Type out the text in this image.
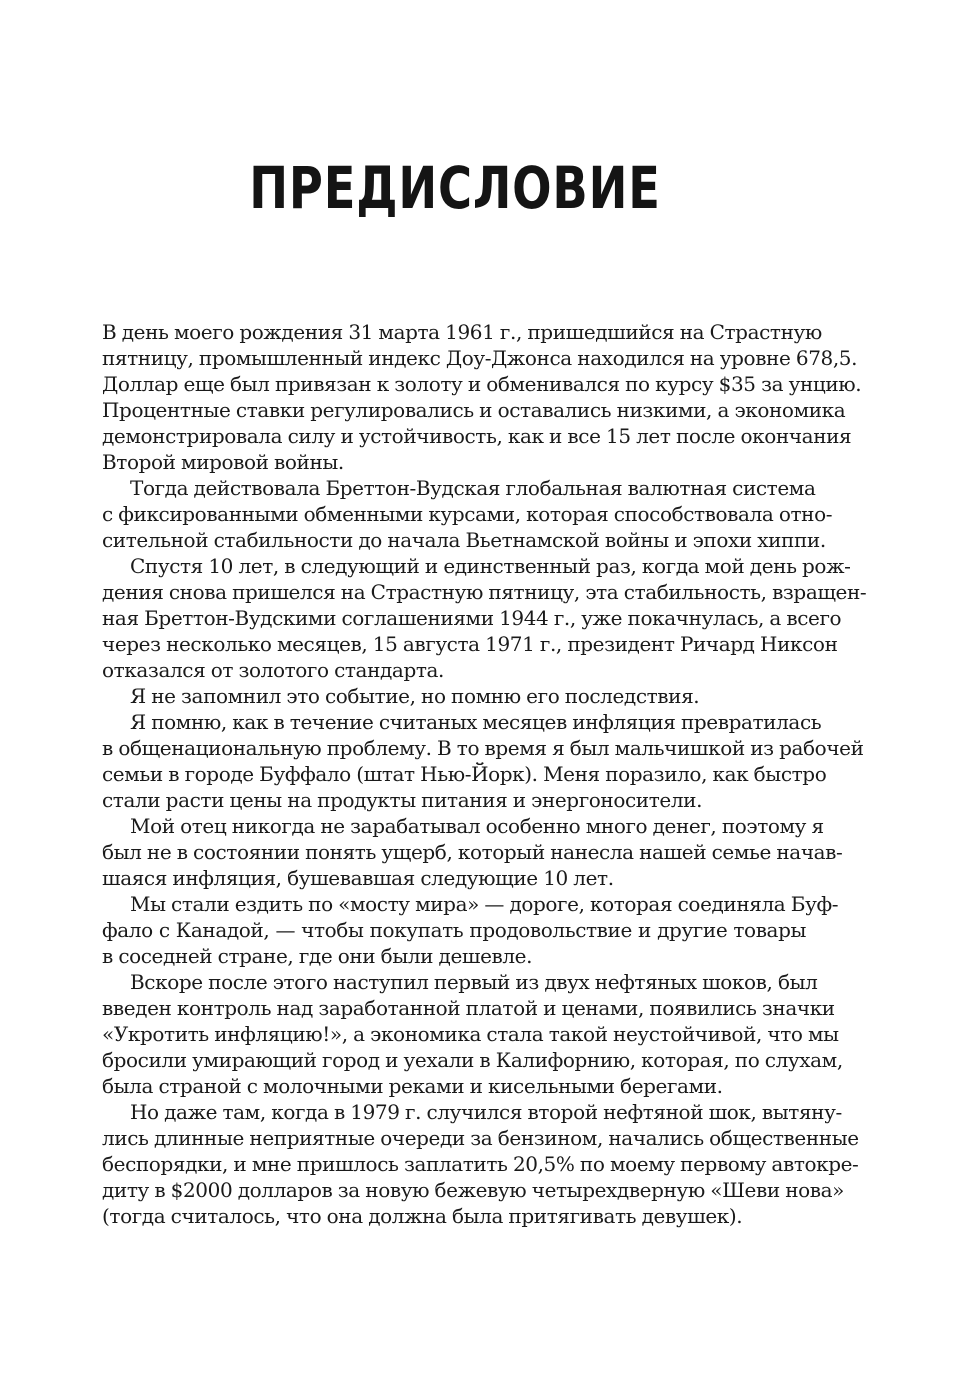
ПРЕДИСЛОВИЕ
В день моего рождения 31 марта 1961 г., пришедшийся на Страстную
пятницу, промышленный индекс Доу-Джонса находился на уровне 678,5.
Доллар еще был привязан к золоту и обменивался по курсу $35 за унцию.
Процентные ставки регулировались и оставались низкими, а экономика
демонстрировала силу и устойчивость, как и все 15 лет после окончания
Второй мировой войны.
Тогда действовала Бреттон-Вудская глобальная валютная система
с фиксированными обменными курсами, которая способствовала отно-
сительной стабильности до начала Вьетнамской войны и эпохи хиппи.
Спустя 10 лет, в следующий и единственный раз, когда мой день рож-
дения снова пришелся на Страстную пятницу, эта стабильность, взращен-
ная Бреттон-Вудскими соглашениями 1944 г., уже покачнулась, а всего
через несколько месяцев, 15 августа 1971 г., президент Ричард Никсон
отказался от золотого стандарта.
Я не запомнил это событие, но помню его последствия.
Я помню, как в течение считаных месяцев инфляция превратилась
в общенациональную проблему. В то время я был мальчишкой из рабочей
семьи в городе Буффало (штат Нью-Йорк). Меня поразило, как быстро
стали расти цены на продукты питания и энергоносители.
Мой отец никогда не зарабатывал особенно много денег, поэтому я
был не в состоянии понять ущерб, который нанесла нашей семье начав-
шаяся инфляция, бушевавшая следующие 10 лет.
Мы стали ездить по «мосту мира» — дороге, которая соединяла Буф-
фало с Канадой, — чтобы покупать продовольствие и другие товары
в соседней стране, где они были дешевле.
Вскоре после этого наступил первый из двух нефтяных шоков, был
введен контроль над заработанной платой и ценами, появились значки
«Укротить инфляцию!», а экономика стала такой неустойчивой, что мы
бросили умирающий город и уехали в Калифорнию, которая, по слухам,
была страной с молочными реками и кисельными берегами.
Но даже там, когда в 1979 г. случился второй нефтяной шок, вытяну-
лись длинные неприятные очереди за бензином, начались общественные
беспорядки, и мне пришлось заплатить 20,5% по моему первому автокре-
диту в $2000 долларов за новую бежевую четырехдверную «Шеви нова»
(тогда считалось, что она должна была притягивать девушек).
